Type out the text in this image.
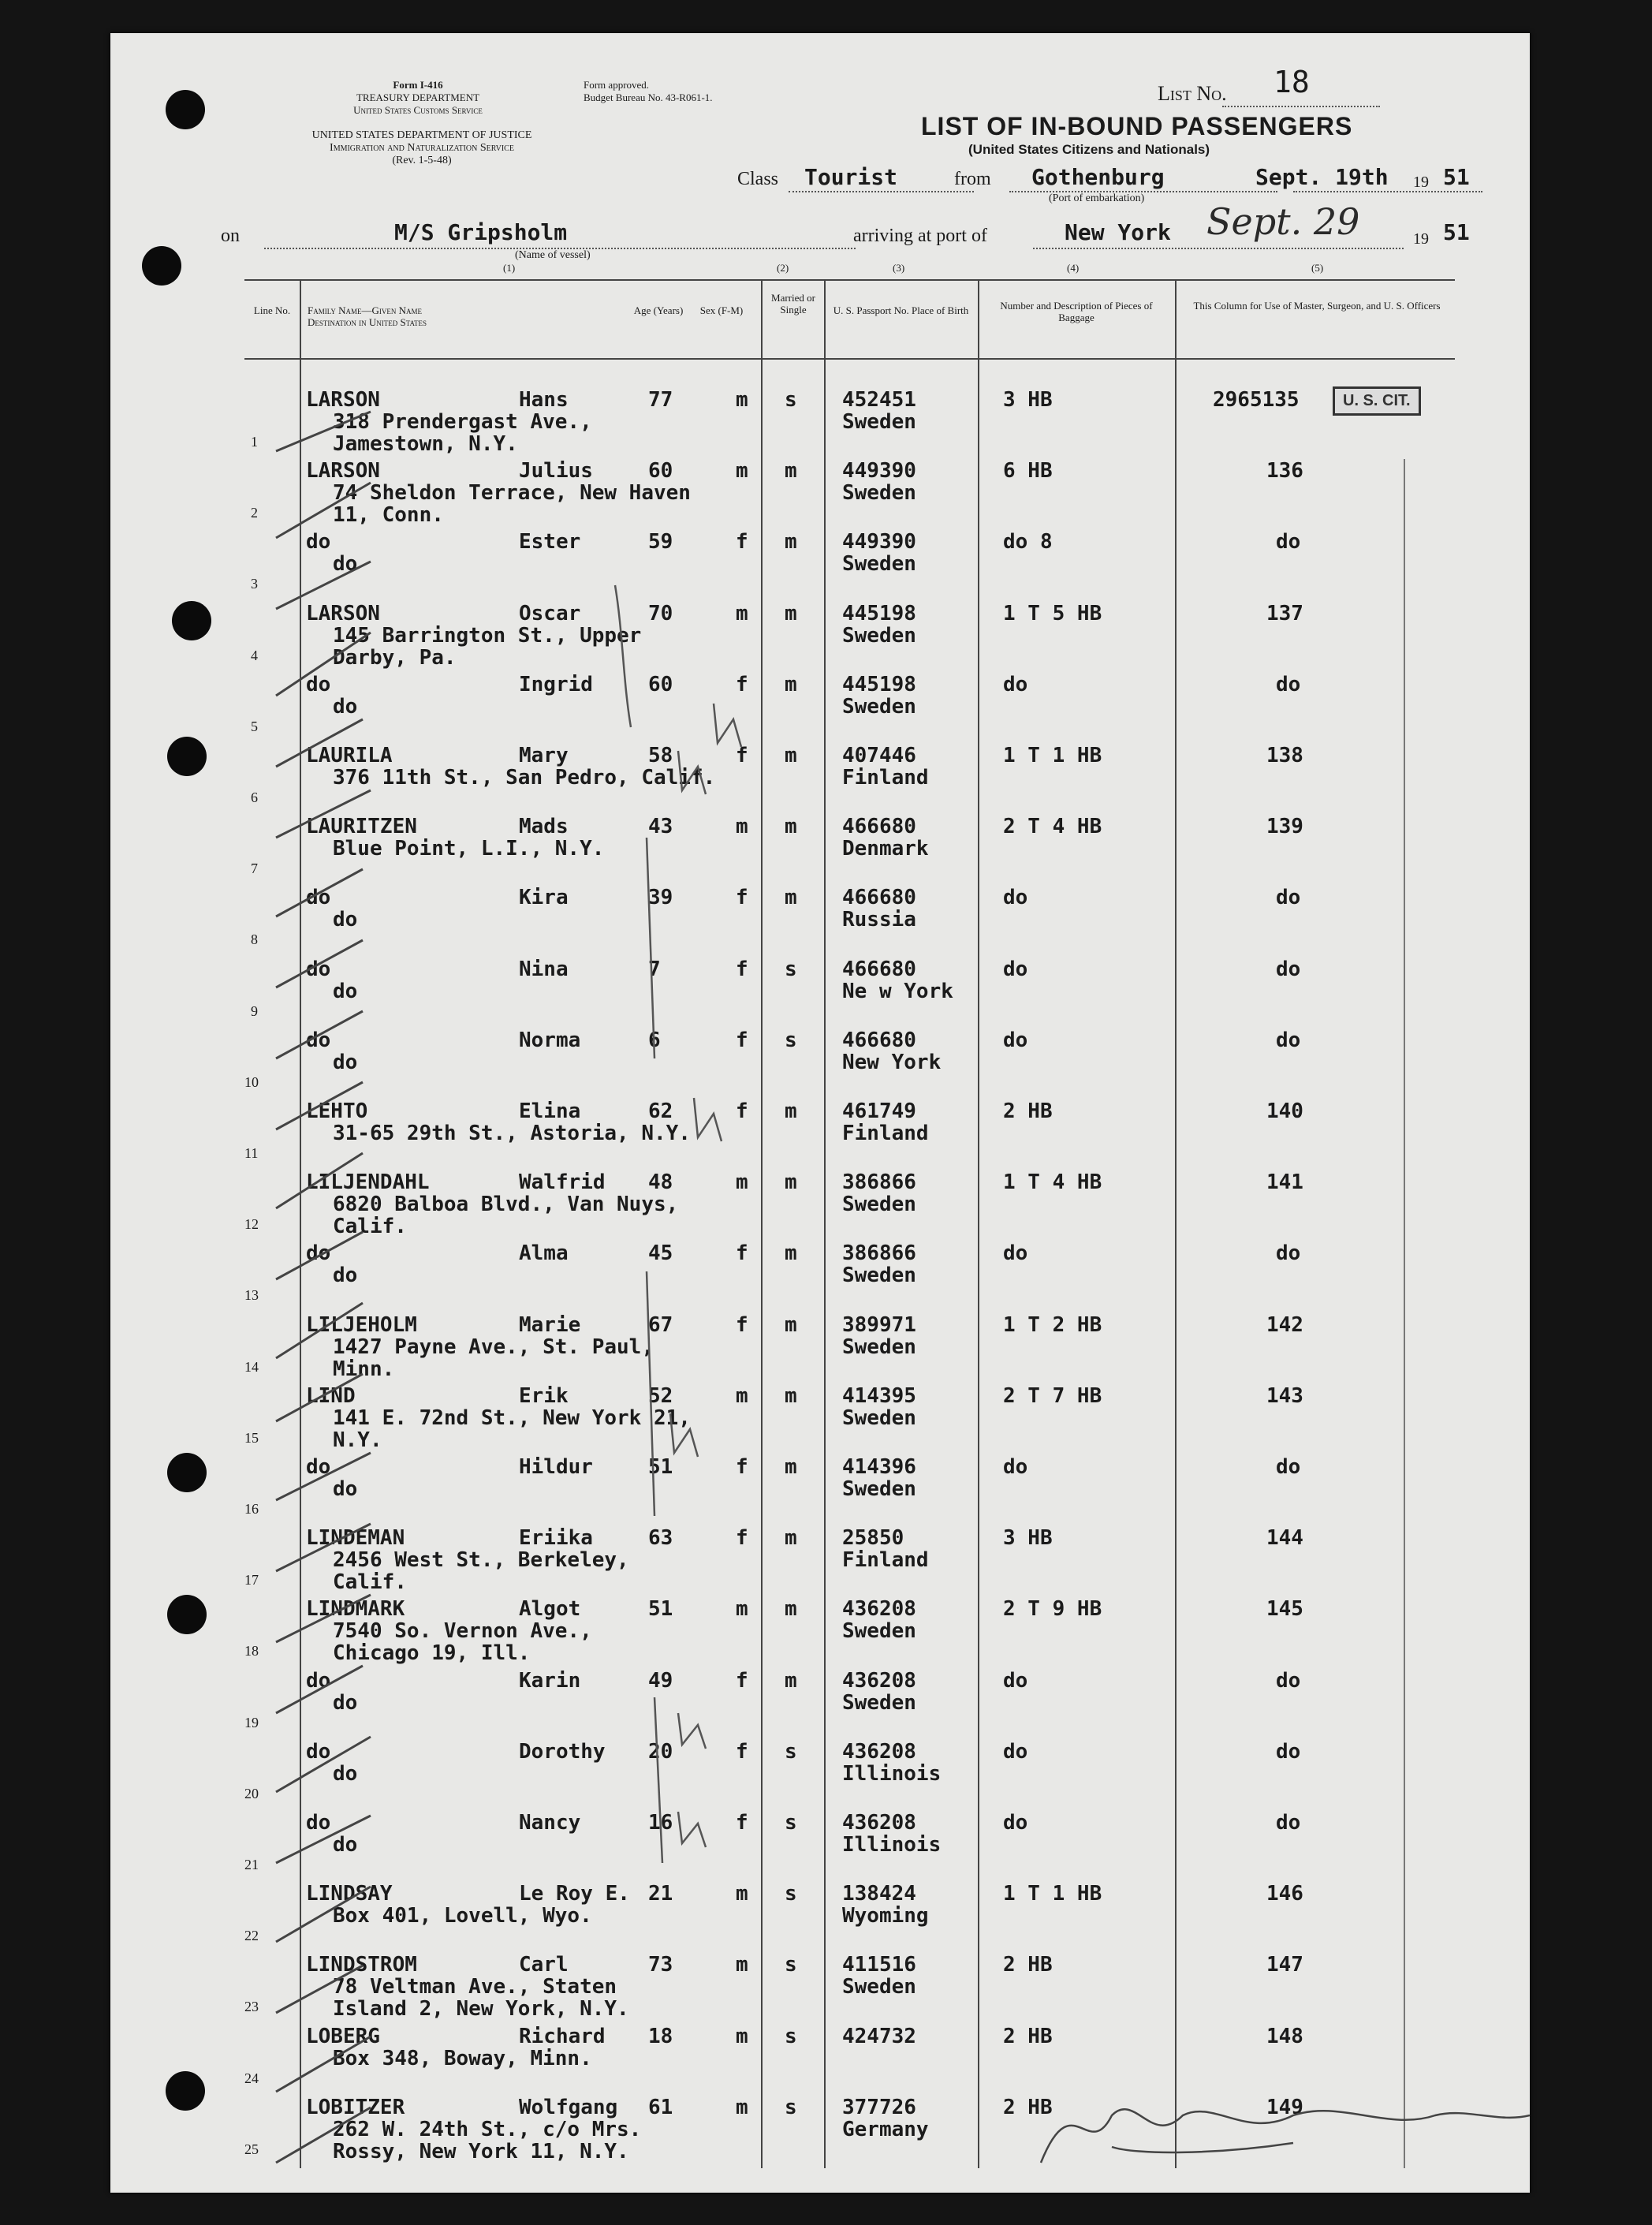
Form I-416
TREASURY DEPARTMENT
United States Customs Service
Form approved.
Budget Bureau No. 43-R061-1.
UNITED STATES DEPARTMENT OF JUSTICE
Immigration and Naturalization Service
(Rev. 1-5-48)
List No. 18
LIST OF IN-BOUND PASSENGERS
(United States Citizens and Nationals)
Class Tourist	from Gothenburg
(Port of embarkation)
Sept. 19th 19 51
on	M/S Gripsholm
(Name of vessel)
arriving at port of	New York Sept. 29	19 51
(1)	(2)	(3)	(4)	(5)
Line No.	Family Name—Given Name
Destination in United States
Age (Years)	Sex (F-M)
Married or Single	U. S. Passport No. Place of Birth	Number and Description of Pieces of Baggage
This Column for Use of Master, Surgeon, and U. S. Officers
U. S. CIT.
1
LARSON	Hans
318 Prendergast Ave.,
Jamestown, N.Y.
77	m s 452451
Sweden
3 HB	2965135
2
LARSON	Julius
74 Sheldon Terrace, New Haven
11, Conn.
60	m m 449390
Sweden
6 HB	136
3
do	Ester
do
59	f m 449390
Sweden
do 8	do
4
LARSON	Oscar
145 Barrington St., Upper
Darby, Pa.
70	m m 445198
Sweden
1 T 5 HB	137
5
do	Ingrid
do
60	f m 445198
Sweden
do	do
6
LAURILA	Mary
376 11th St., San Pedro, Calif.
58	f m 407446
Finland
1 T 1 HB	138
7
LAURITZEN	Mads
Blue Point, L.I., N.Y.
43	m m 466680
Denmark
2 T 4 HB	139
8
do	Kira
do
39	f m 466680
Russia
do	do
9
do	Nina
do
7	f s 466680
Ne w York
do	do
10
do	Norma
do
6	f s 466680
New York
do	do
11
LEHTO	Elina
31-65 29th St., Astoria, N.Y.
62	f m 461749
Finland
2 HB	140
12
LILJENDAHL	Walfrid
6820 Balboa Blvd., Van Nuys,
Calif.
48	m m 386866
Sweden
1 T 4 HB	141
13
do	Alma
do
45	f m 386866
Sweden
do	do
14
LILJEHOLM	Marie
1427 Payne Ave., St. Paul,
Minn.
67	f m 389971
Sweden
1 T 2 HB	142
15
LIND	Erik
141 E. 72nd St., New York 21,
N.Y.
52	m m 414395
Sweden
2 T 7 HB	143
16
do	Hildur
do
51	f m 414396
Sweden
do	do
17
LINDEMAN	Eriika
2456 West St., Berkeley,
Calif.
63	f m 25850
Finland
3 HB	144
18
LINDMARK	Algot
7540 So. Vernon Ave.,
Chicago 19, Ill.
51	m m 436208
Sweden
2 T 9 HB	145
19
do	Karin
do
49	f m 436208
Sweden
do	do
20
do	Dorothy
do
20	f s 436208
Illinois
do	do
21
do	Nancy
do
16	f s 436208
Illinois
do	do
22
LINDSAY	Le Roy E.
Box 401, Lovell, Wyo.
21	m s 138424
Wyoming
1 T 1 HB	146
23
LINDSTROM	Carl
78 Veltman Ave., Staten
Island 2, New York, N.Y.
73	m s 411516
Sweden
2 HB	147
24
LOBERG	Richard
Box 348, Boway, Minn.
18	m s 424732	2 HB	148
25
LOBITZER	Wolfgang
262 W. 24th St., c/o Mrs.
Rossy, New York 11, N.Y.
61	m s 377726
Germany
2 HB	149
